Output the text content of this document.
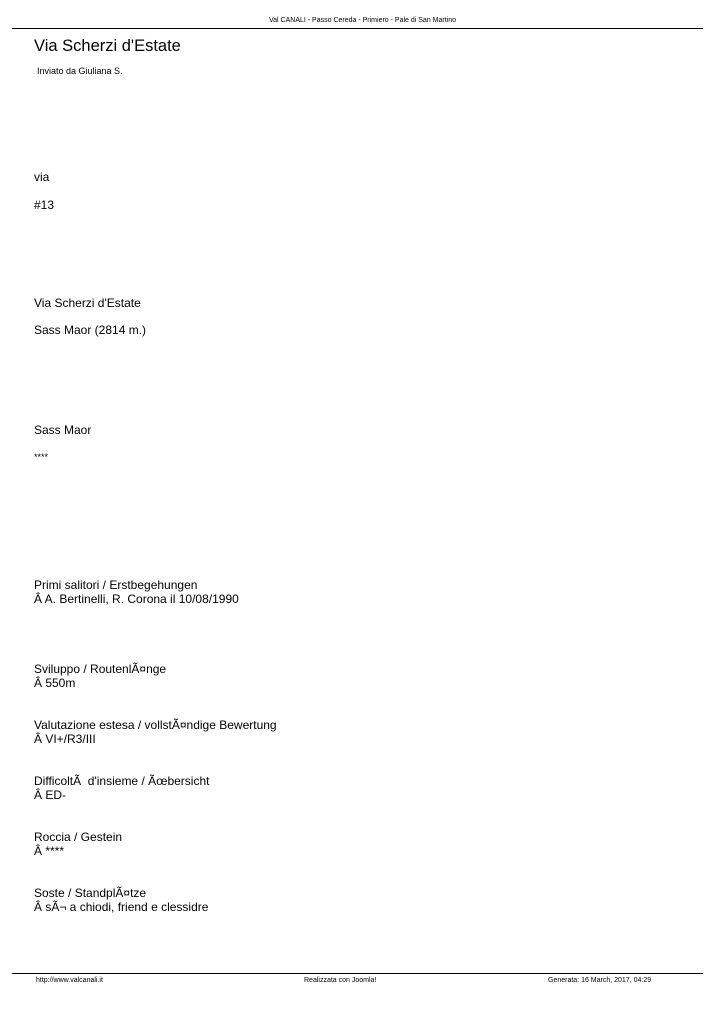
Val CANALI - Passo Cereda - Primiero - Pale di San Martino
Via Scherzi d'Estate
Inviato da Giuliana S.
via
#13
Via Scherzi d'Estate
Sass Maor (2814 m.)
Sass Maor
****
Primi salitori / Erstbegehungen
Â A. Bertinelli, R. Corona il 10/08/1990
Sviluppo / RoutenlÃ¤nge
Â 550m
Valutazione estesa / vollstÃ¤ndige Bewertung
Â VI+/R3/III
DifficoltÃ  d'insieme / Ãœbersicht
Â ED-
Roccia / Gestein
Â ****
Soste / StandplÃ¤tze
Â sÃ¬ a chiodi, friend e clessidre
http://www.valcanali.it	Realizzata con Joomla!	Generata: 16 March, 2017, 04:29
